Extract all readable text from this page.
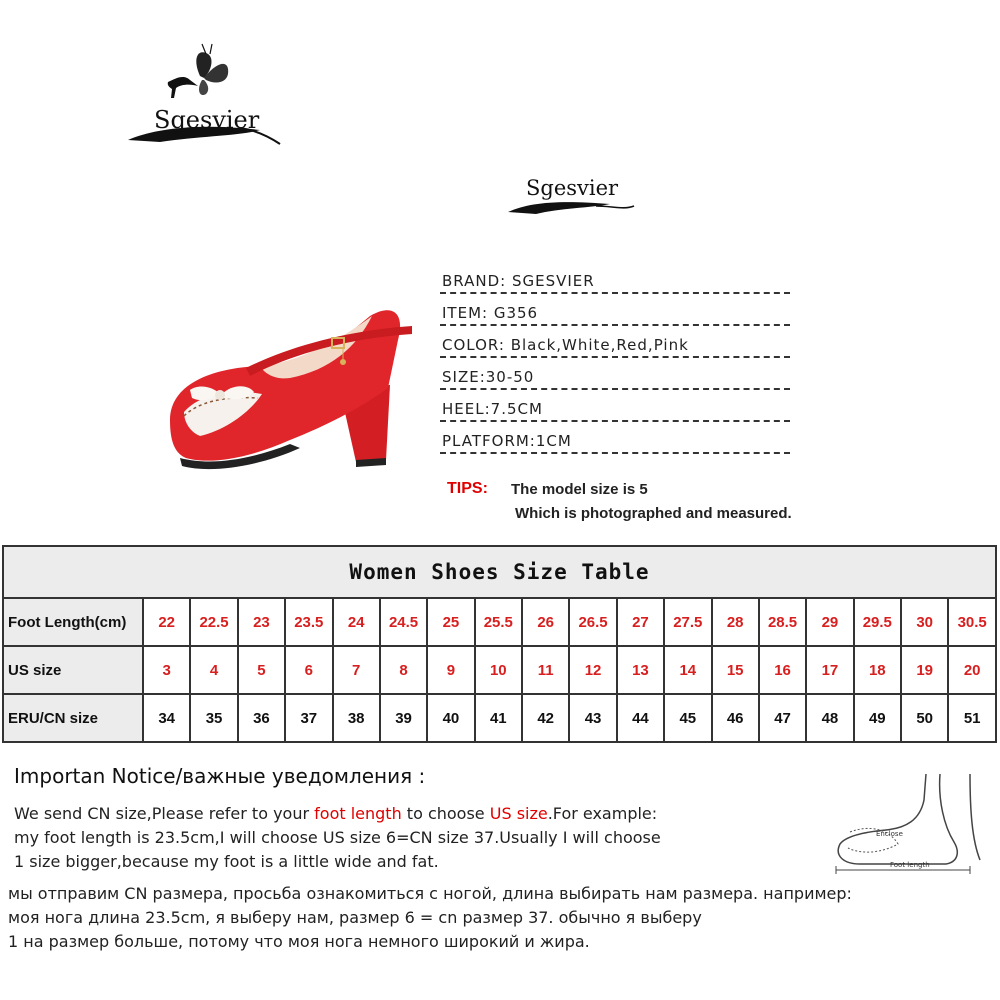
Sgesvier
Sgesvier
BRAND: SGESVIER
ITEM: G356
COLOR: Black,White,Red,Pink
SIZE:30-50
HEEL:7.5CM
PLATFORM:1CM
TIPS: The model size is 5
Which is photographed and measured.
Women Shoes Size Table																		
Foot Length(cm)	22	22.5	23	23.5	24	24.5	25	25.5	26	26.5	27	27.5	28	28.5	29	29.5	30	30.5
US size	3	4	5	6	7	8	9	10	11	12	13	14	15	16	17	18	19	20
ERU/CN size	34	35	36	37	38	39	40	41	42	43	44	45	46	47	48	49	50	51
Importan Notice/важные уведомления :
We send CN size,Please refer to your foot length to choose US size.For example:
my foot length is 23.5cm,I will choose US size 6=CN size 37.Usually I will choose
1 size bigger,because my foot is a little wide and fat.
мы отправим CN размера, просьба ознакомиться с ногой, длина выбирать нам размера. например:
моя нога длина 23.5cm, я выберу нам, размер 6 = cn размер 37. обычно я выберу
1 на размер больше, потому что моя нога немного широкий и жира.
Enclose
Foot length
